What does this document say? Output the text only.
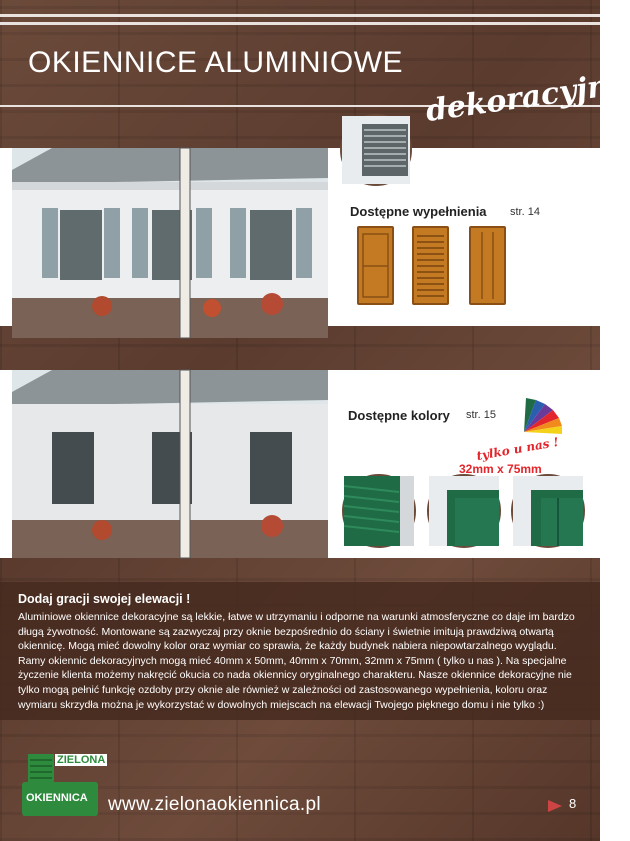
OKIENNICE ALUMINIOWE
dekoracyjne
Dostępne wypełnienia str. 14
Dostępne kolory str. 15
tylko u nas !
32mm x 75mm
Dodaj gracji swojej elewacji !

Aluminiowe okiennice dekoracyjne są lekkie, łatwe w utrzymaniu i odporne na warunki atmosferyczne co daje im bardzo długą żywotność. Montowane są zazwyczaj przy oknie bezpośrednio do ściany i świetnie imitują prawdziwą otwartą okiennicę. Mogą mieć dowolny kolor oraz wymiar co sprawia, że każdy budynek nabiera niepowtarzalnego wyglądu. Ramy okiennic dekoracyjnych mogą mieć 40mm x 50mm, 40mm x 70mm, 32mm x 75mm ( tylko u nas ). Na specjalne życzenie klienta możemy nakręcić okucia co nada okiennicy oryginalnego charakteru. Nasze okiennice dekoracyjne nie tylko mogą pełnić funkcję ozdoby przy oknie ale również w zależności od zastosowanego wypełnienia, koloru oraz wymiaru skrzydła można je wykorzystać w dowolnych miejscach na elewacji Twojego pięknego domu i nie tylko :)

ZIELONA
OKIENNICA www.zielonaokiennica.pl	8
